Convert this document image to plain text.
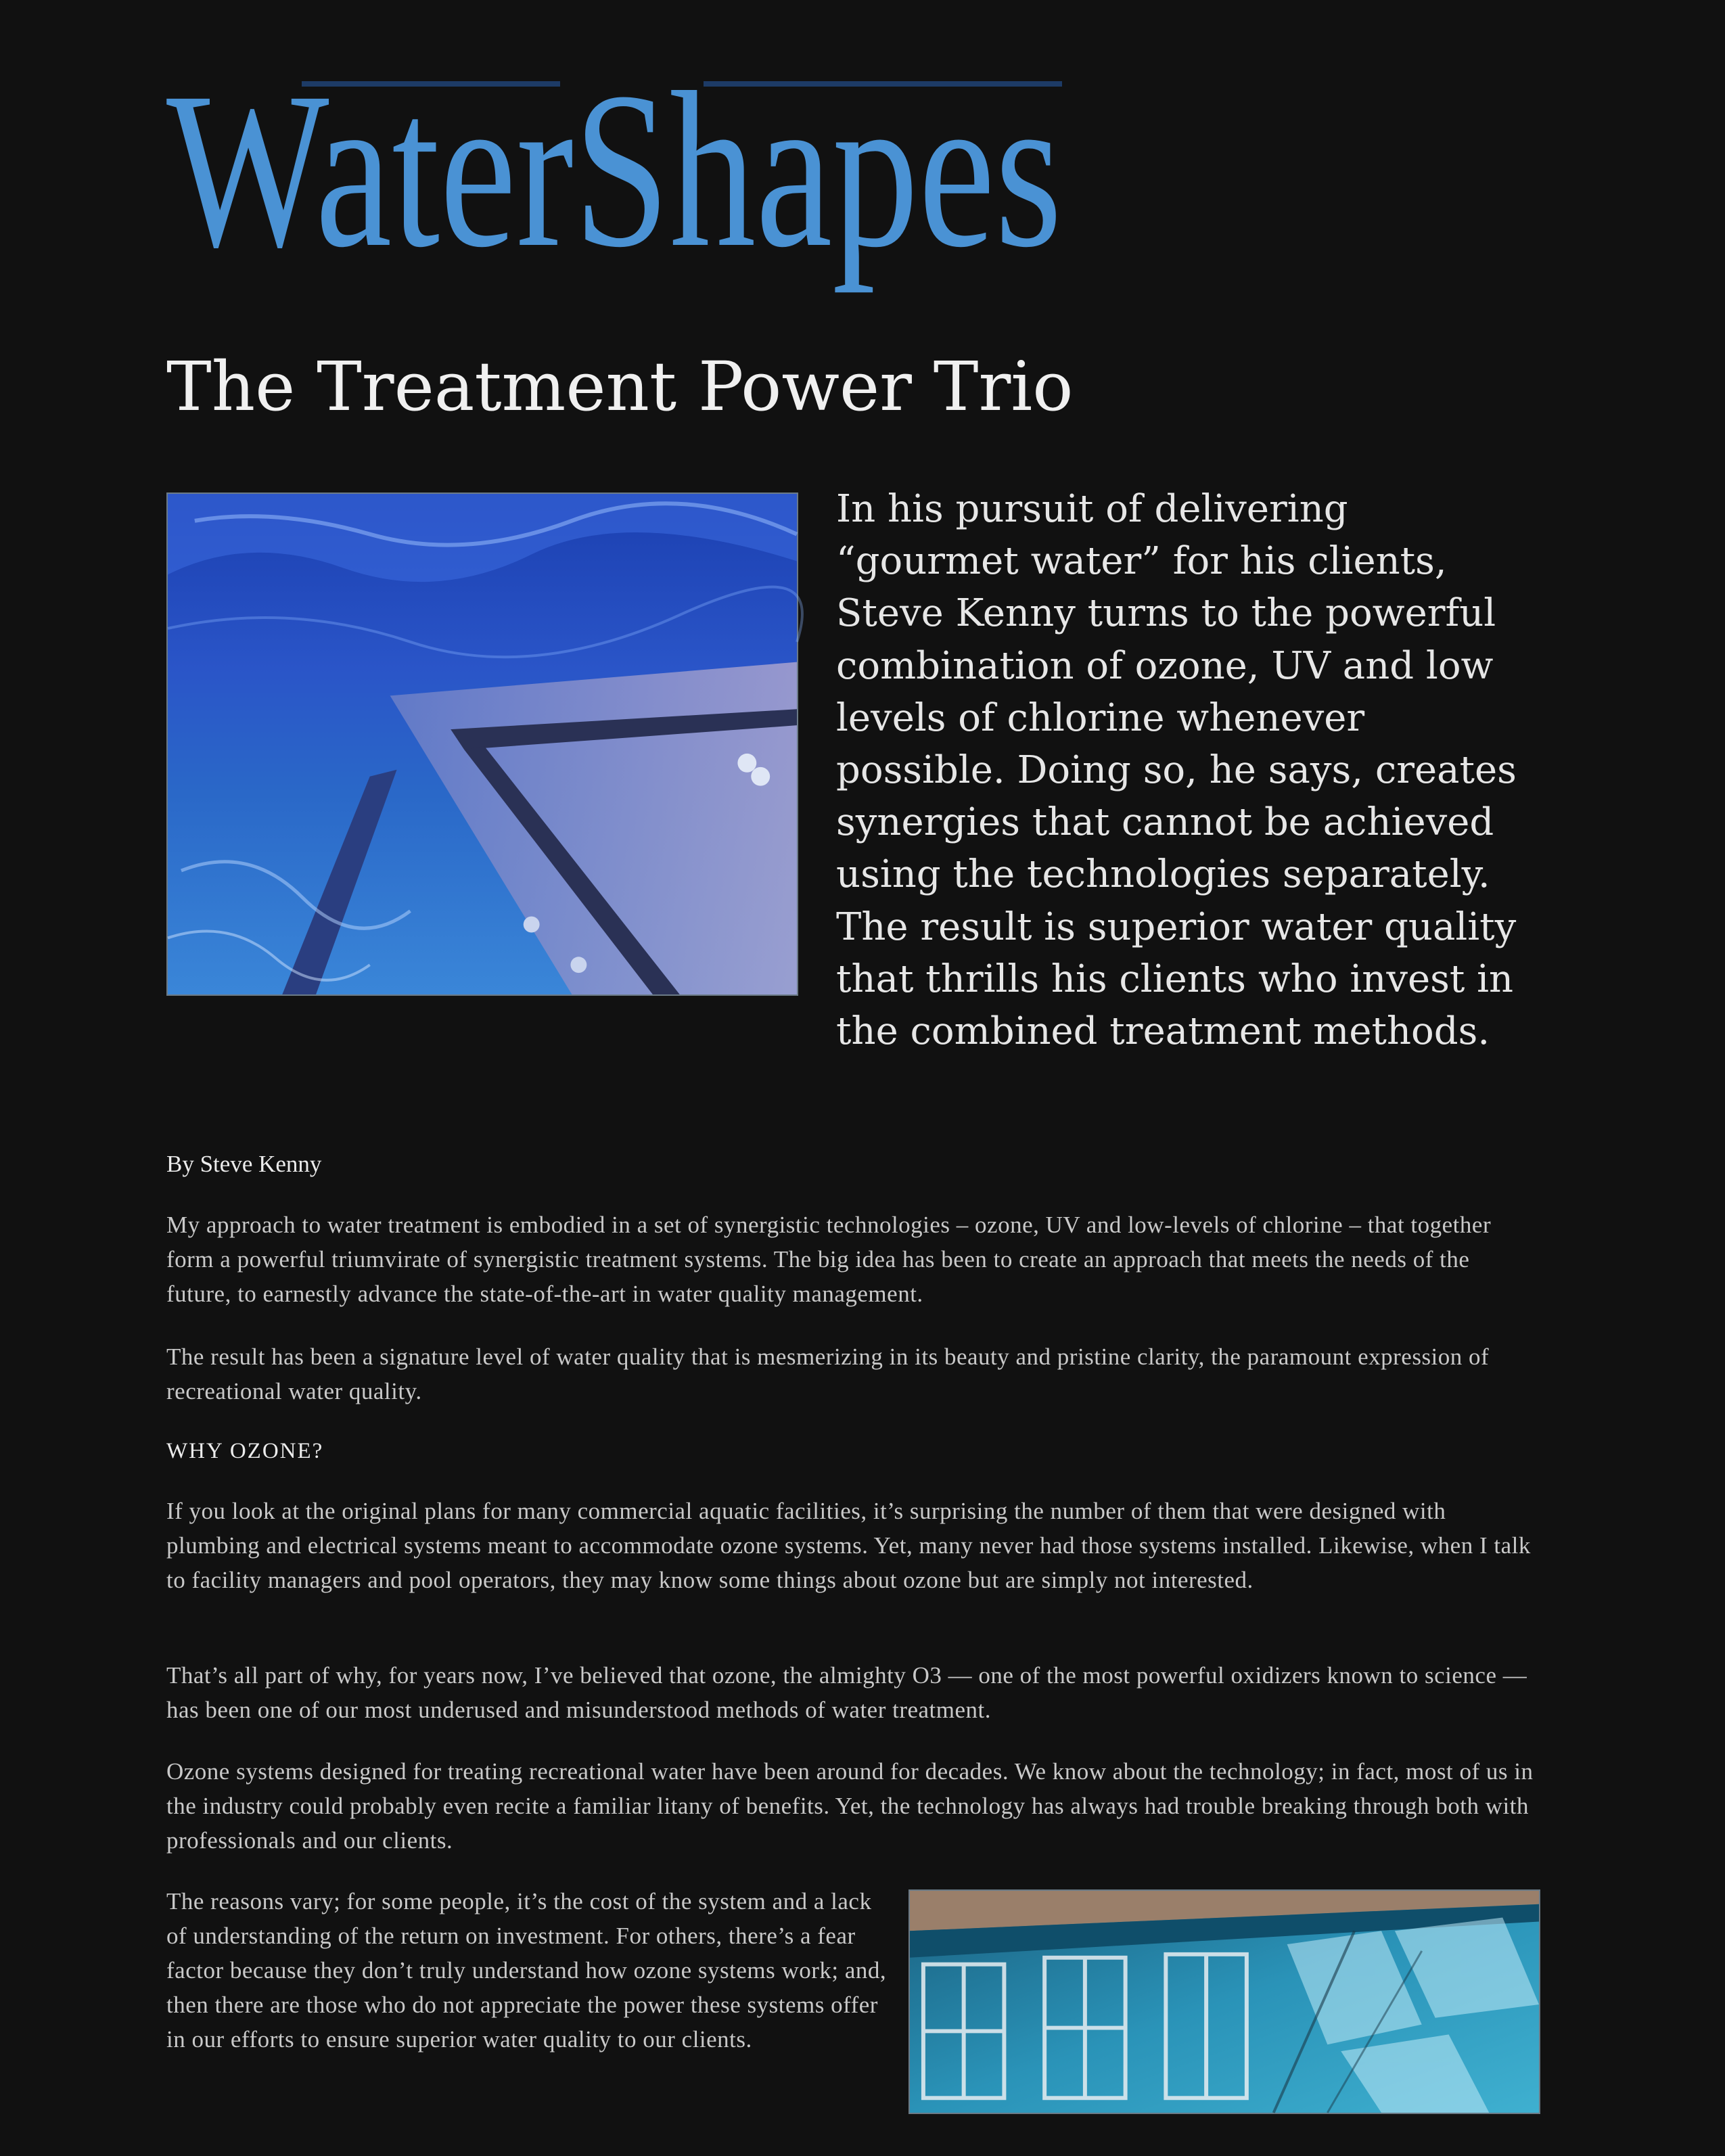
WaterShapes
The Treatment Power Trio

In his pursuit of delivering “gourmet water” for his clients, Steve Kenny turns to the powerful combination of ozone, UV and low levels of chlorine whenever possible. Doing so, he says, creates synergies that cannot be achieved using the technologies separately. The result is superior water quality that thrills his clients who invest in the combined treatment methods.

By Steve Kenny

My approach to water treatment is embodied in a set of synergistic technologies – ozone, UV and low-levels of chlorine – that together form a powerful triumvirate of synergistic treatment systems. The big idea has been to create an approach that meets the needs of the future, to earnestly advance the state-of-the-art in water quality management.

The result has been a signature level of water quality that is mesmerizing in its beauty and pristine clarity, the paramount expression of recreational water quality.

WHY OZONE?

If you look at the original plans for many commercial aquatic facilities, it’s surprising the number of them that were designed with plumbing and electrical systems meant to accommodate ozone systems. Yet, many never had those systems installed. Likewise, when I talk to facility managers and pool operators, they may know some things about ozone but are simply not interested.

That’s all part of why, for years now, I’ve believed that ozone, the almighty O3 — one of the most powerful oxidizers known to science — has been one of our most underused and misunderstood methods of water treatment.

Ozone systems designed for treating recreational water have been around for decades. We know about the technology; in fact, most of us in the industry could probably even recite a familiar litany of benefits. Yet, the technology has always had trouble breaking through both with professionals and our clients.

The reasons vary; for some people, it’s the cost of the system and a lack of understanding of the return on investment. For others, there’s a fear factor because they don’t truly understand how ozone systems work; and, then there are those who do not appreciate the power these systems offer in our efforts to ensure superior water quality to our clients.
